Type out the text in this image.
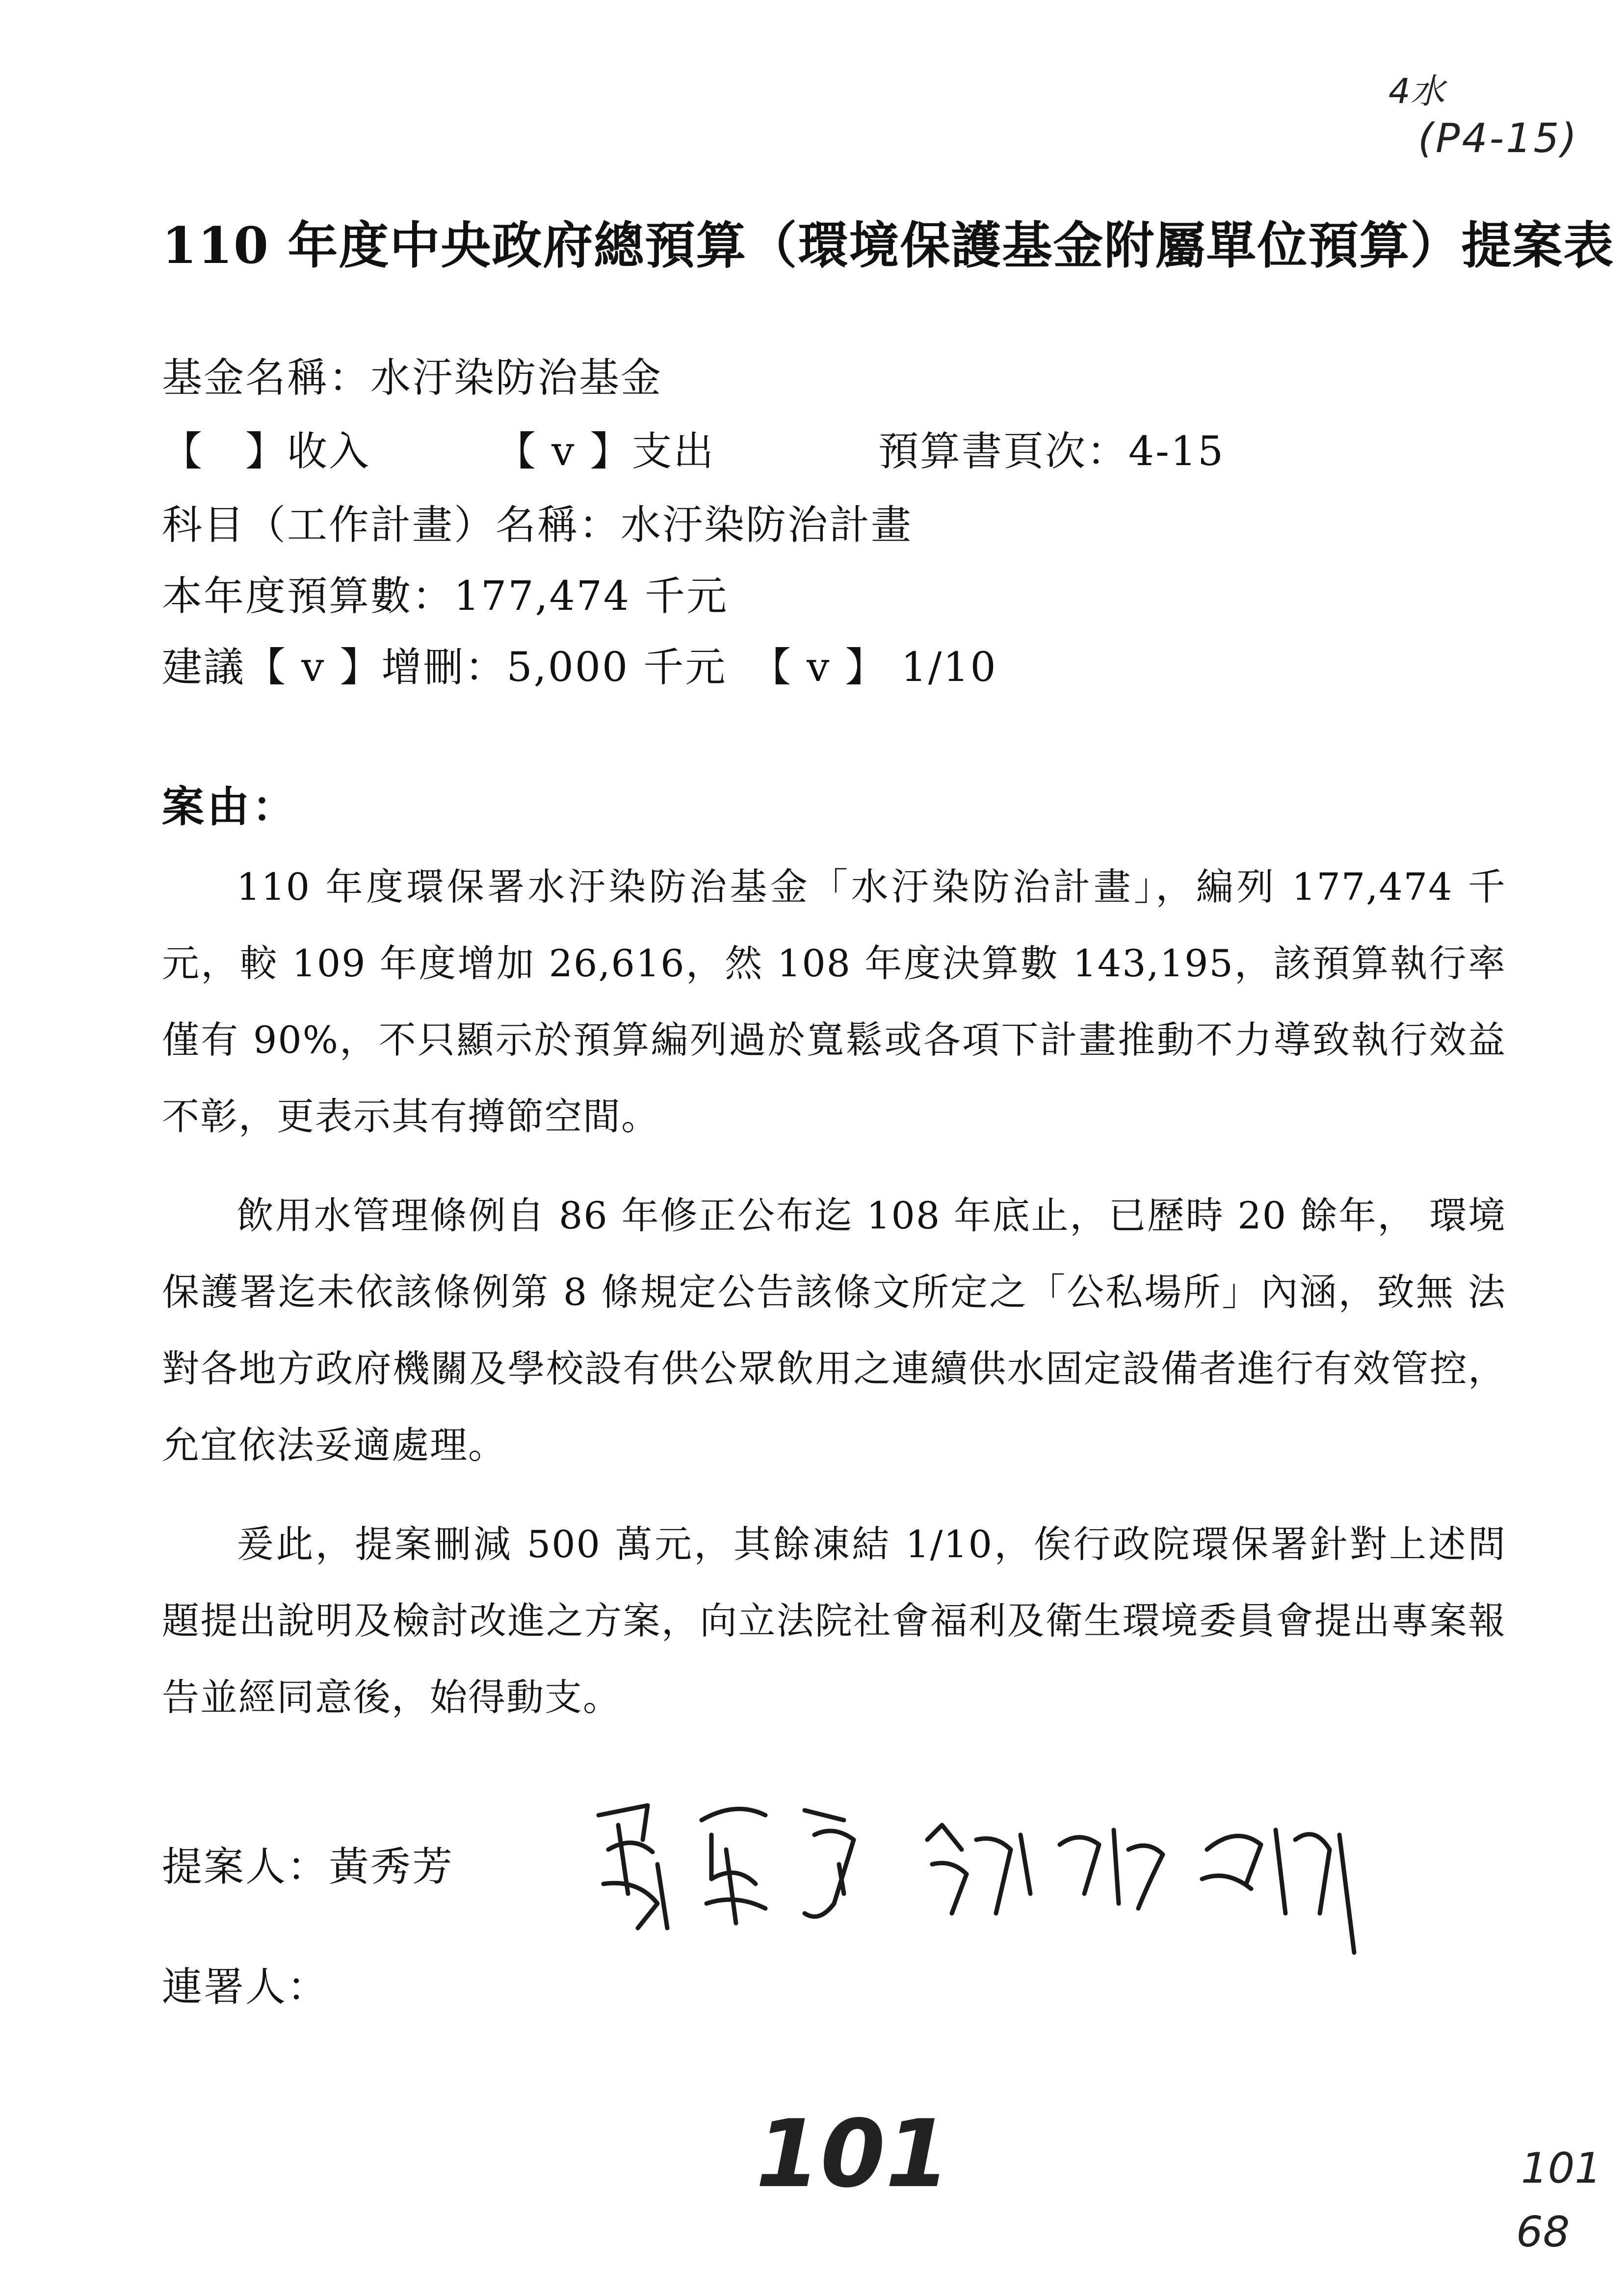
4水
(P4-15)
110 年度中央政府總預算（環境保護基金附屬單位預算）提案表
基金名稱：水汙染防治基金
【　】收入	【 v 】支出	預算書頁次：4-15
科目（工作計畫）名稱：水汙染防治計畫
本年度預算數：177,474 千元
建議【 v 】增刪：5,000 千元 【 v 】 1/10
案由：
110 年度環保署水汙染防治基金「水汙染防治計畫」，編列 177,474 千元，較 109 年度增加 26,616，然 108 年度決算數 143,195，該預算執行率僅有 90%，不只顯示於預算編列過於寬鬆或各項下計畫推動不力導致執行效益不彰，更表示其有撙節空間。
飲用水管理條例自 86 年修正公布迄 108 年底止，已歷時 20 餘年， 環境保護署迄未依該條例第 8 條規定公告該條文所定之「公私場所」內涵，致無 法對各地方政府機關及學校設有供公眾飲用之連續供水固定設備者進行有效管控，允宜依法妥適處理。
爰此，提案刪減 500 萬元，其餘凍結 1/10，俟行政院環保署針對上述問題提出說明及檢討改進之方案，向立法院社會福利及衛生環境委員會提出專案報告並經同意後，始得動支。
提案人：黃秀芳
連署人：
101	101
68
